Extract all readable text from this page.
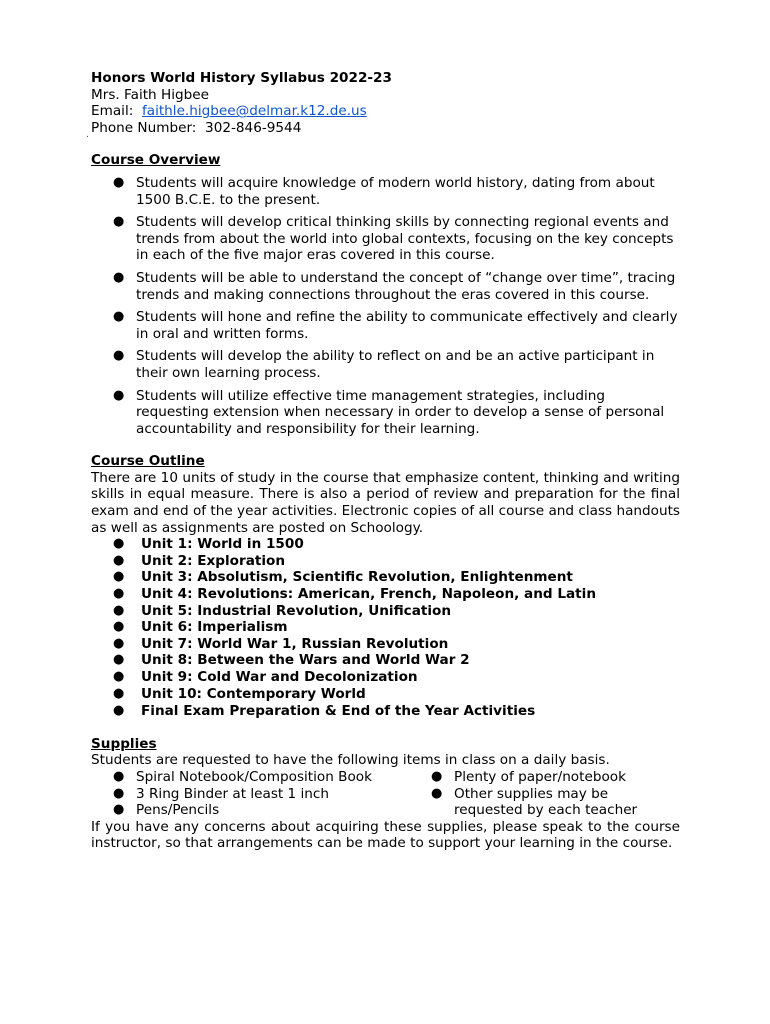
.
Honors World History Syllabus 2022-23
Mrs. Faith Higbee
Email: faithle.higbee@delmar.k12.de.us
Phone Number: 302-846-9544
Course Overview
● Students will acquire knowledge of modern world history, dating from about 1500 B.C.E. to the present.
● Students will develop critical thinking skills by connecting regional events and trends from about the world into global contexts, focusing on the key concepts in each of the five major eras covered in this course.
● Students will be able to understand the concept of “change over time”, tracing trends and making connections throughout the eras covered in this course.
● Students will hone and refine the ability to communicate effectively and clearly in oral and written forms.
● Students will develop the ability to reflect on and be an active participant in their own learning process.
● Students will utilize effective time management strategies, including requesting extension when necessary in order to develop a sense of personal accountability and responsibility for their learning.
Course Outline
There are 10 units of study in the course that emphasize content, thinking and writing skills in equal measure. There is also a period of review and preparation for the final exam and end of the year activities. Electronic copies of all course and class handouts as well as assignments are posted on Schoology.
● Unit 1: World in 1500
● Unit 2: Exploration
● Unit 3: Absolutism, Scientific Revolution, Enlightenment
● Unit 4: Revolutions: American, French, Napoleon, and Latin
● Unit 5: Industrial Revolution, Unification
● Unit 6: Imperialism
● Unit 7: World War 1, Russian Revolution
● Unit 8: Between the Wars and World War 2
● Unit 9: Cold War and Decolonization
● Unit 10: Contemporary World
● Final Exam Preparation & End of the Year Activities
Supplies
Students are requested to have the following items in class on a daily basis.
● Spiral Notebook/Composition Book
● 3 Ring Binder at least 1 inch
● Pens/Pencils
● Plenty of paper/notebook
● Other supplies may be requested by each teacher
If you have any concerns about acquiring these supplies, please speak to the course instructor, so that arrangements can be made to support your learning in the course.
